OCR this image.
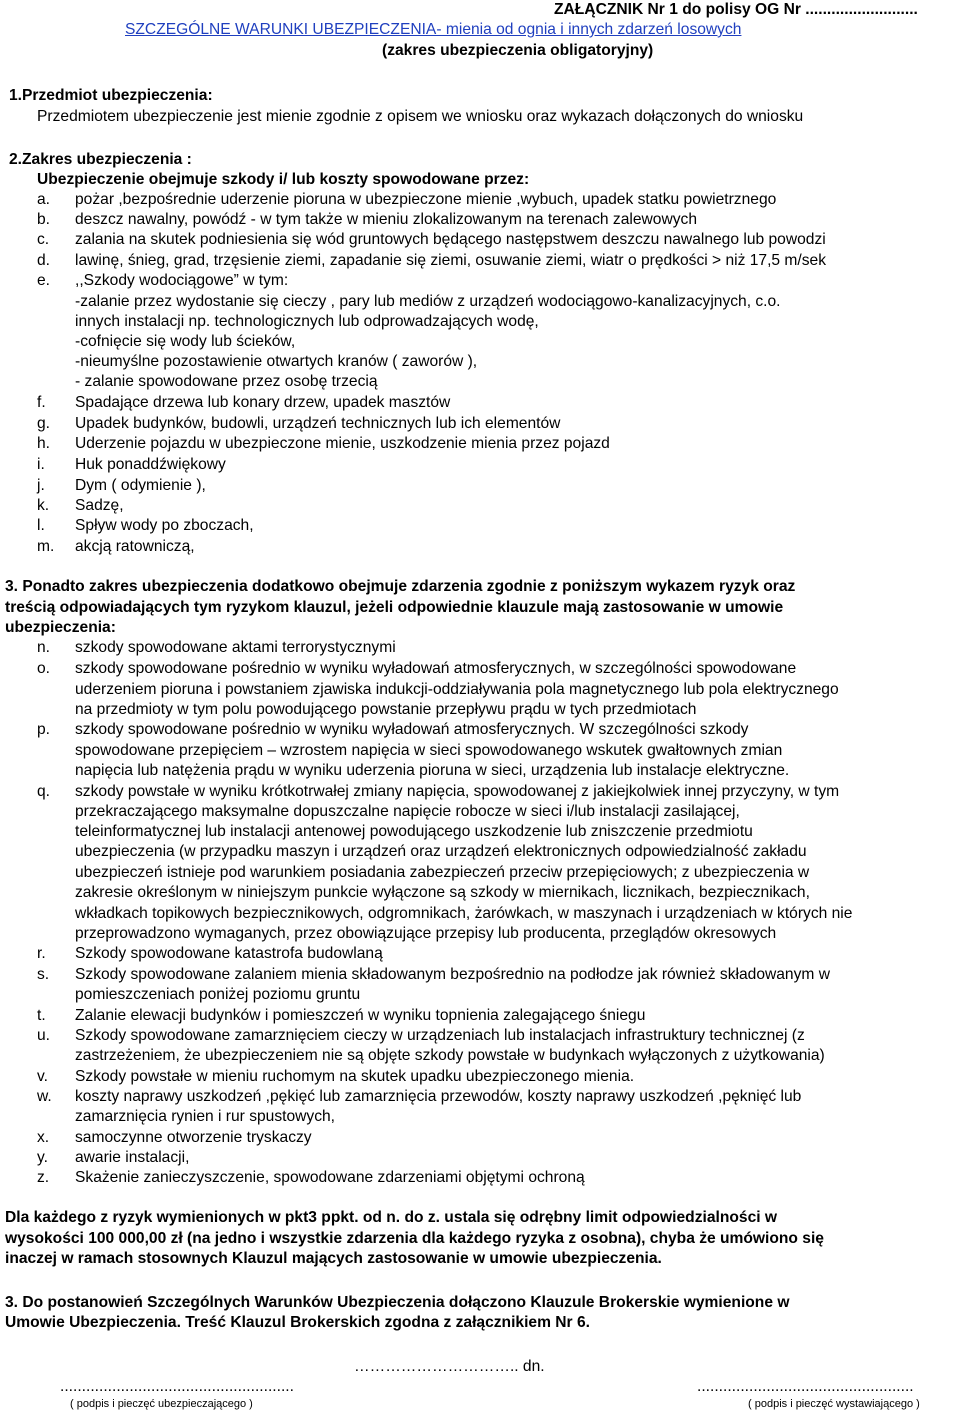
ZAŁĄCZNIK Nr 1 do polisy OG Nr ..........................
SZCZEGÓLNE WARUNKI UBEZPIECZENIA- mienia od ognia i innych zdarzeń losowych
(zakres ubezpieczenia obligatoryjny)
1.Przedmiot ubezpieczenia:
Przedmiotem ubezpieczenie jest mienie zgodnie z opisem we wniosku oraz wykazach dołączonych do wniosku
2.Zakres ubezpieczenia :
Ubezpieczenie obejmuje szkody i/ lub koszty spowodowane przez:
a. pożar ,bezpośrednie uderzenie pioruna w ubezpieczone mienie ,wybuch, upadek statku powietrznego
b. deszcz nawalny, powódź - w tym także w mieniu zlokalizowanym na terenach zalewowych
c. zalania na skutek podniesienia się wód gruntowych będącego następstwem deszczu nawalnego lub powodzi
d. lawinę, śnieg, grad, trzęsienie ziemi, zapadanie się ziemi, osuwanie ziemi, wiatr o prędkości > niż 17,5 m/sek
e. ,,Szkody wodociągowe” w tym:
-zalanie przez wydostanie się cieczy , pary lub mediów z urządzeń wodociągowo-kanalizacyjnych, c.o.
innych instalacji np. technologicznych lub odprowadzających wodę,
-cofnięcie się wody lub ścieków,
-nieumyślne pozostawienie otwartych kranów ( zaworów ),
- zalanie spowodowane przez osobę trzecią
f. Spadające drzewa lub konary drzew, upadek masztów
g. Upadek budynków, budowli, urządzeń technicznych lub ich elementów
h. Uderzenie pojazdu w ubezpieczone mienie, uszkodzenie mienia przez pojazd
i. Huk ponaddźwiękowy
j. Dym ( odymienie ),
k. Sadzę,
l. Spływ wody po zboczach,
m. akcją ratowniczą,
3. Ponadto zakres ubezpieczenia dodatkowo obejmuje zdarzenia zgodnie z poniższym wykazem ryzyk oraz
treścią odpowiadających tym ryzykom klauzul, jeżeli odpowiednie klauzule mają zastosowanie w umowie
ubezpieczenia:
n. szkody spowodowane aktami terrorystycznymi
o. szkody spowodowane pośrednio w wyniku wyładowań atmosferycznych, w szczególności spowodowane
uderzeniem pioruna i powstaniem zjawiska indukcji-oddziaływania pola magnetycznego lub pola elektrycznego
na przedmioty w tym polu powodującego powstanie przepływu prądu w tych przedmiotach
p. szkody spowodowane pośrednio w wyniku wyładowań atmosferycznych. W szczególności szkody
spowodowane przepięciem – wzrostem napięcia w sieci spowodowanego wskutek gwałtownych zmian
napięcia lub natężenia prądu w wyniku uderzenia pioruna w sieci, urządzenia lub instalacje elektryczne.
q. szkody powstałe w wyniku krótkotrwałej zmiany napięcia, spowodowanej z jakiejkolwiek innej przyczyny, w tym
przekraczającego maksymalne dopuszczalne napięcie robocze w sieci i/lub instalacji zasilającej,
teleinformatycznej lub instalacji antenowej powodującego uszkodzenie lub zniszczenie przedmiotu
ubezpieczenia (w przypadku maszyn i urządzeń oraz urządzeń elektronicznych odpowiedzialność zakładu
ubezpieczeń istnieje pod warunkiem posiadania zabezpieczeń przeciw przepięciowych; z ubezpieczenia w
zakresie określonym w niniejszym punkcie wyłączone są szkody w miernikach, licznikach, bezpiecznikach,
wkładkach topikowych bezpiecznikowych, odgromnikach, żarówkach, w maszynach i urządzeniach w których nie
przeprowadzono wymaganych, przez obowiązujące przepisy lub producenta, przeglądów okresowych
r. Szkody spowodowane katastrofa budowlaną
s. Szkody spowodowane zalaniem mienia składowanym bezpośrednio na podłodze jak również składowanym w
pomieszczeniach poniżej poziomu gruntu
t. Zalanie elewacji budynków i pomieszczeń w wyniku topnienia zalegającego śniegu
u. Szkody spowodowane zamarznięciem cieczy w urządzeniach lub instalacjach infrastruktury technicznej (z
zastrzeżeniem, że ubezpieczeniem nie są objęte szkody powstałe w budynkach wyłączonych z użytkowania)
v. Szkody powstałe w mieniu ruchomym na skutek upadku ubezpieczonego mienia.
w. koszty naprawy uszkodzeń ,pękięć lub zamarznięcia przewodów, koszty naprawy uszkodzeń ,pęknięć lub
zamarznięcia rynien i rur spustowych,
x. samoczynne otworzenie tryskaczy
y. awarie instalacji,
z. Skażenie zanieczyszczenie, spowodowane zdarzeniami objętymi ochroną
Dla każdego z ryzyk wymienionych w pkt3 ppkt. od n. do z. ustala się odrębny limit odpowiedzialności w
wysokości 100 000,00 zł (na jedno i wszystkie zdarzenia dla każdego ryzyka z osobna), chyba że umówiono się
inaczej w ramach stosownych Klauzul mających zastosowanie w umowie ubezpieczenia.
3. Do postanowień Szczególnych Warunków Ubezpieczenia dołączono Klauzule Brokerskie wymienione w
Umowie Ubezpieczenia. Treść Klauzul Brokerskich zgodna z załącznikiem Nr 6.
………………………….. dn.
......................................................
( podpis i pieczęć ubezpieczającego )
..................................................
( podpis i pieczęć wystawiającego )
